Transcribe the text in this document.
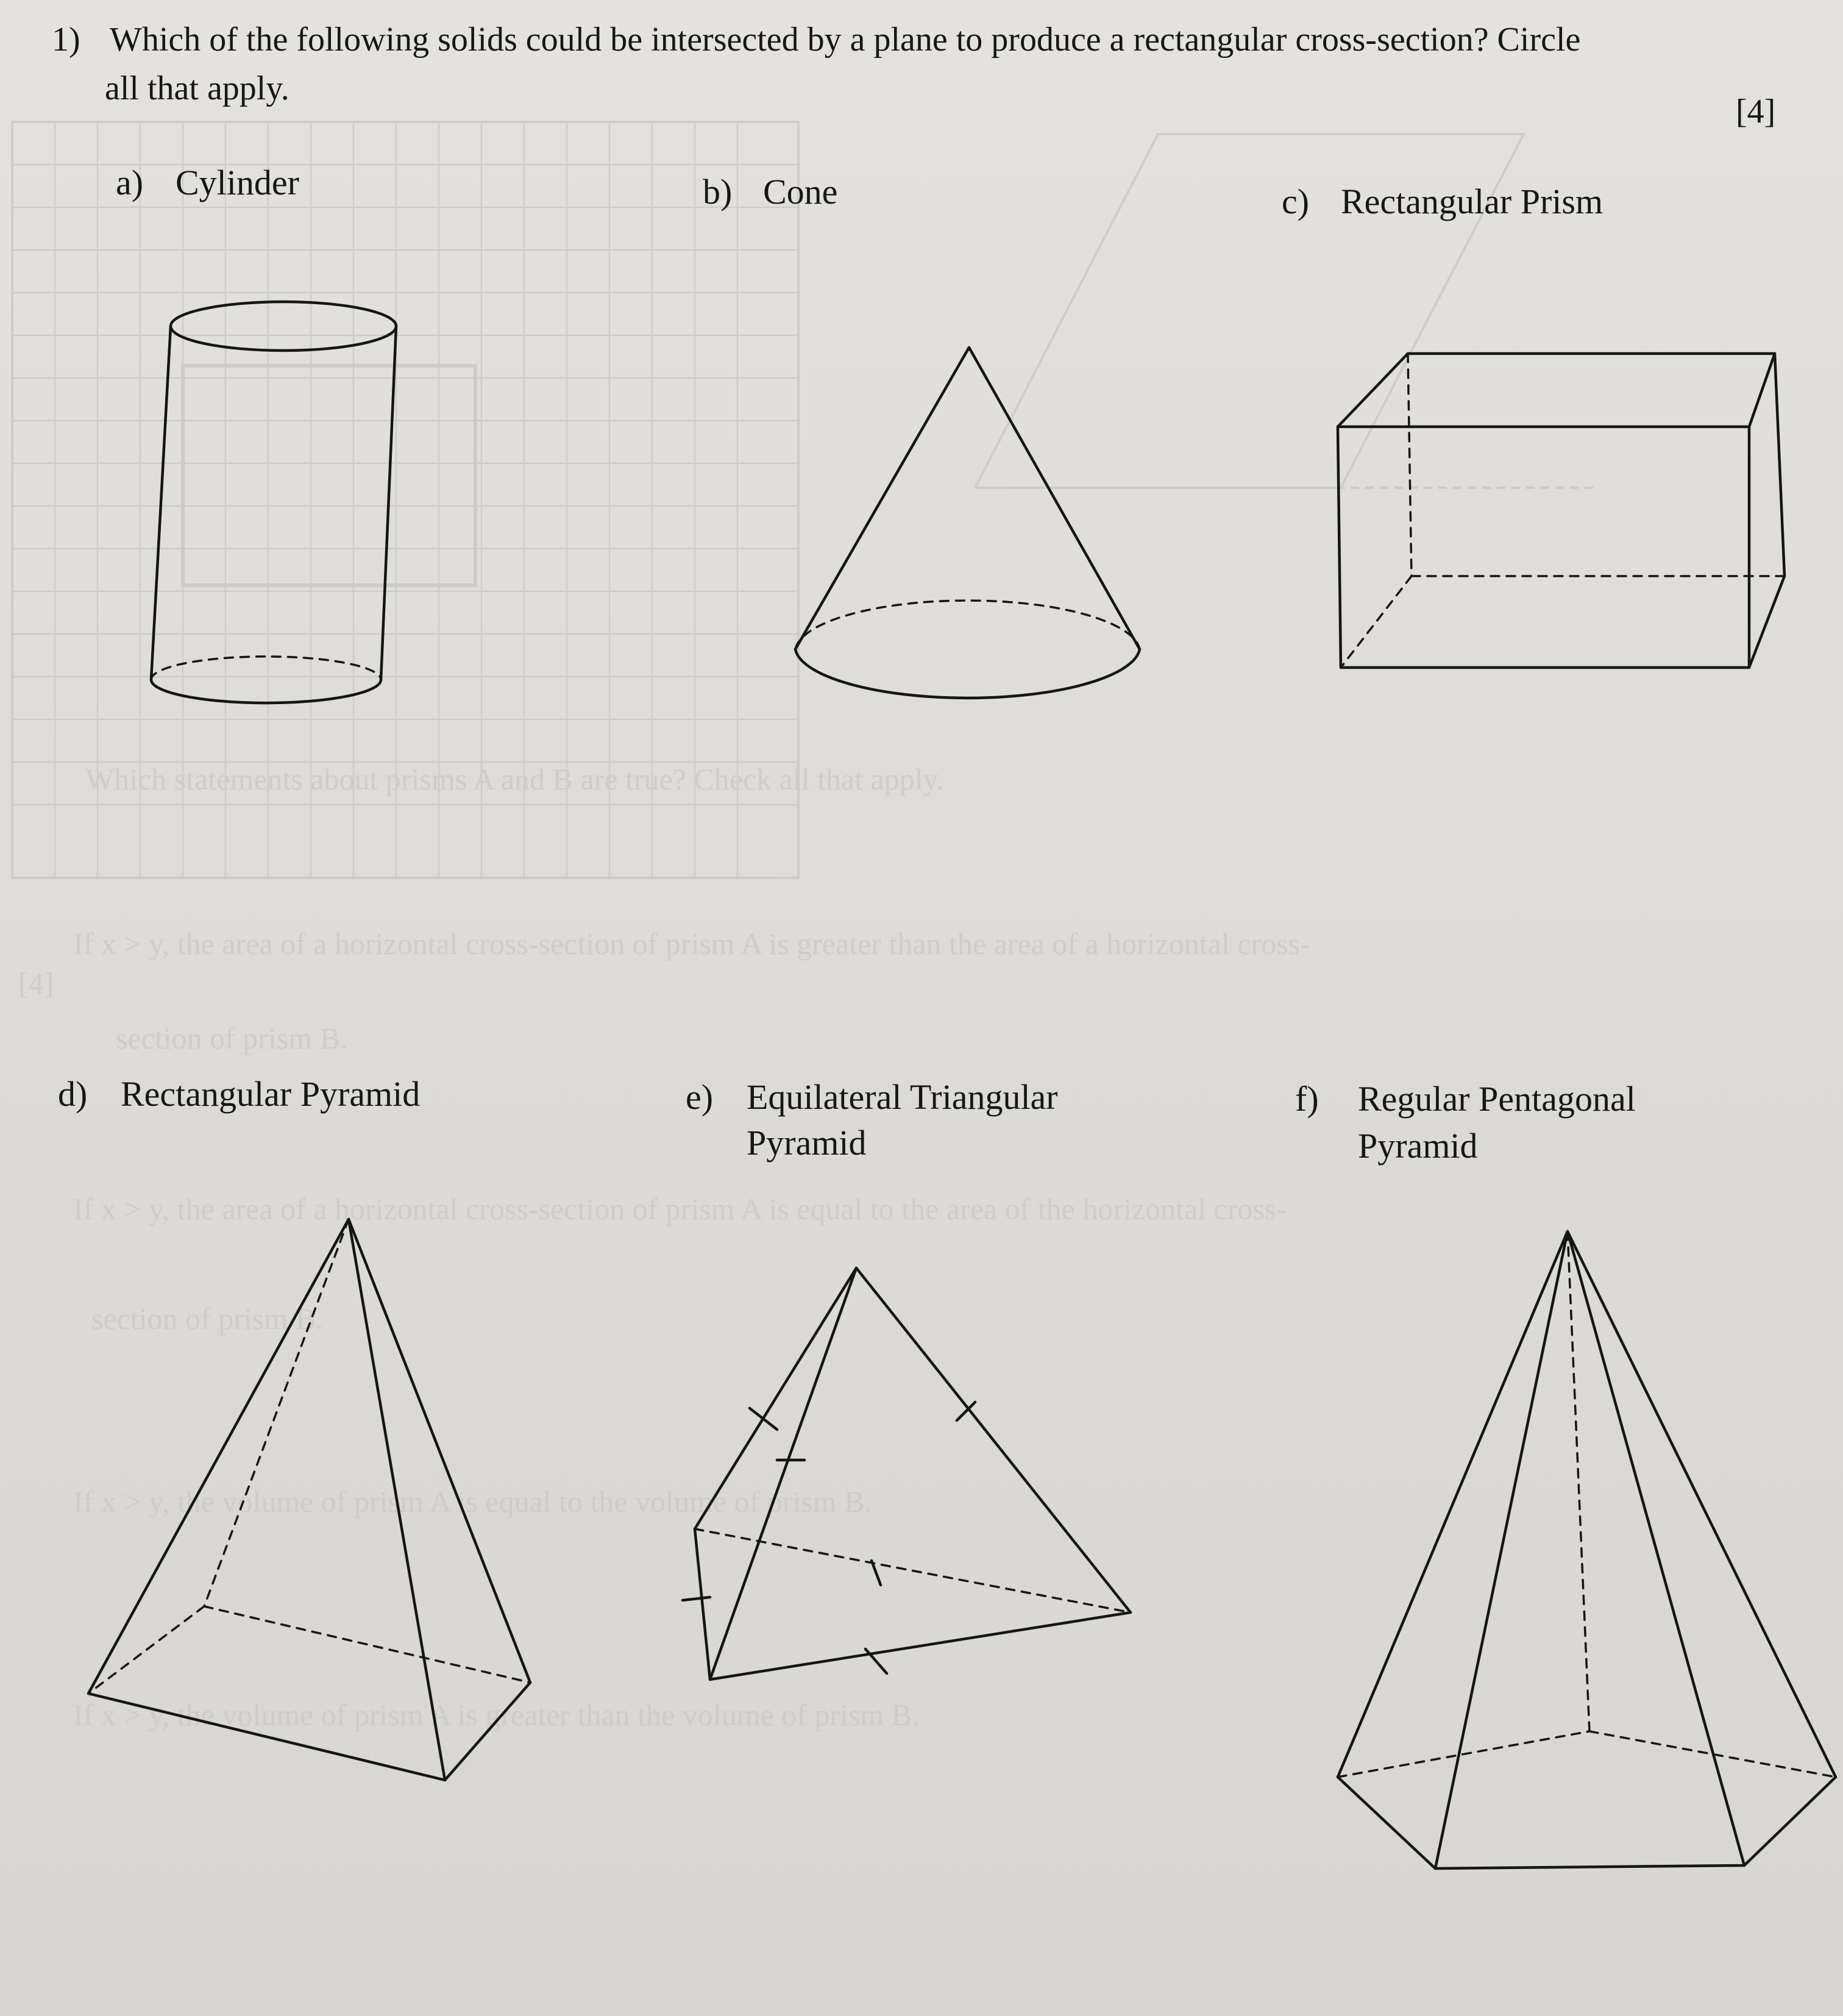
Which statements about prisms A and B are true? Check all that apply.
If x > y, the area of a horizontal cross-section of prism A is greater than the area of a horizontal cross-
section of prism B.
If x > y, the area of a horizontal cross-section of prism A is equal to the area of the horizontal cross-
section of prism B.
If x > y, the volume of prism A is equal to the volume of prism B.
If x > y, the volume of prism A is greater than the volume of prism B.
[4]
1) Which of the following solids could be intersected by a plane to produce a rectangular cross-section? Circle
all that apply.
[4]
a) Cylinder	b) Cone	c) Rectangular Prism
d) Rectangular Pyramid	e) Equilateral Triangular
Pyramid
f) Regular Pentagonal
Pyramid
